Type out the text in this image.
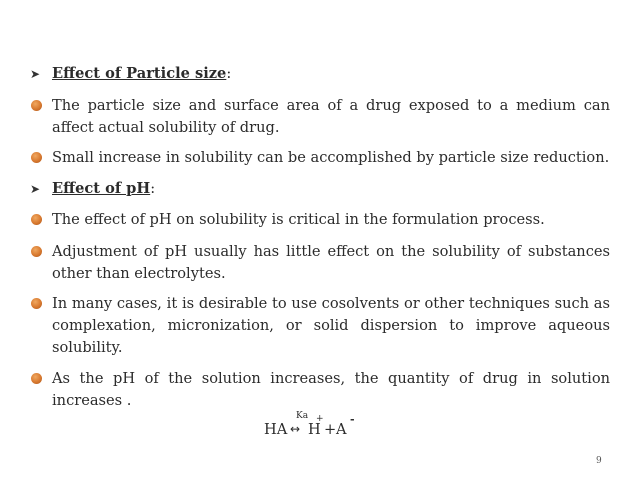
➤ Effect of Particle size:
The particle size and surface area of a drug exposed to a medium can affect actual solubility of drug.
Small increase in solubility can be accomplished by particle size reduction.
➤ Effect of pH:
The effect of pH on solubility is critical in the formulation process.
Adjustment of pH usually has little effect on the solubility of substances other than electrolytes.
In many cases, it is desirable to use cosolvents or other techniques such as complexation, micronization, or solid dispersion to improve aqueous solubility.
As the pH of the solution increases, the quantity of drug in solution increases .
HA
Ka
↔ H
+
+ A
-
9
